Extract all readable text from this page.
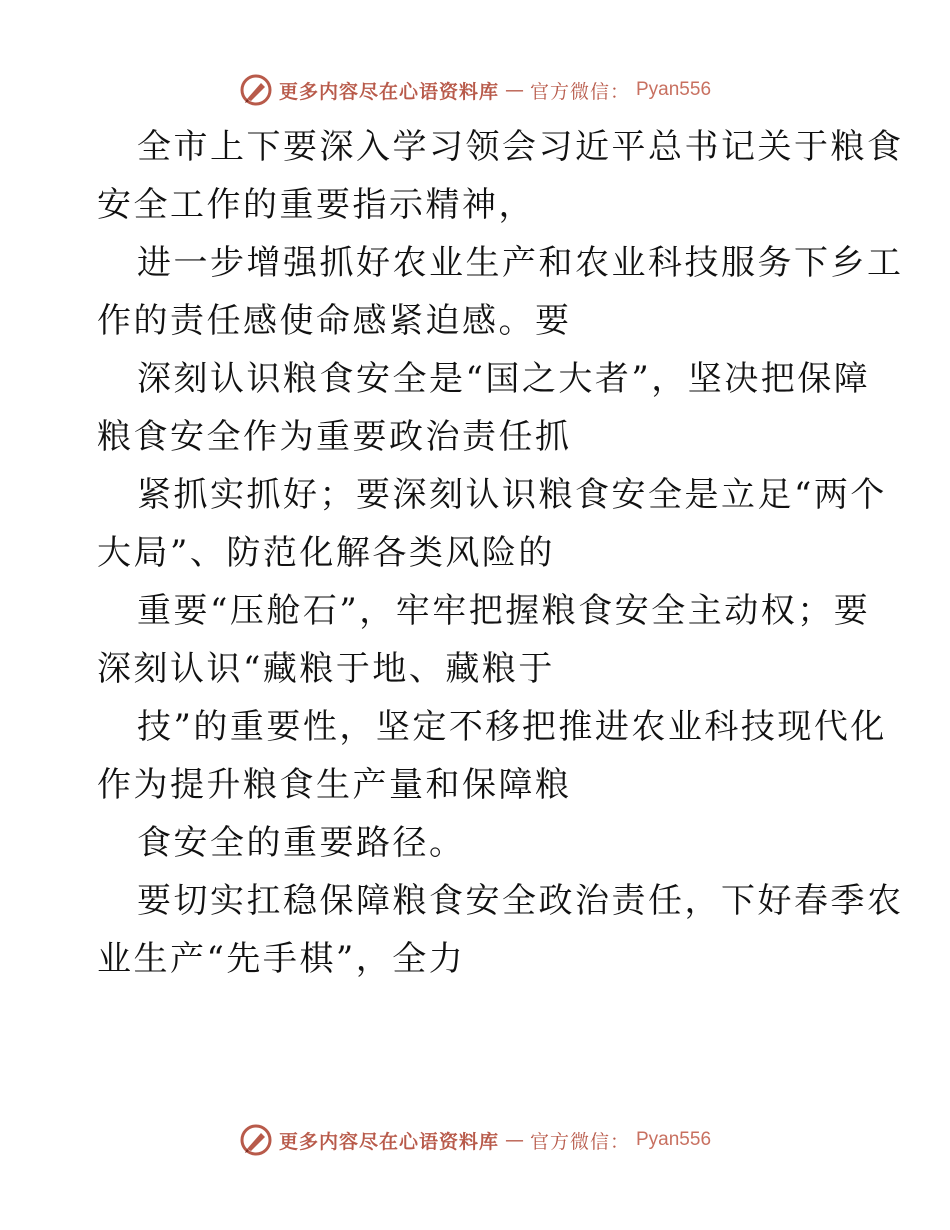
更多内容尽在心语资料库 — 官方微信： Pyan556

全市上下要深入学习领会习近平总书记关于粮食
安全工作的重要指示精神，

进一步增强抓好农业生产和农业科技服务下乡工
作的责任感使命感紧迫感。要

深刻认识粮食安全是“国之大者”，坚决把保障
粮食安全作为重要政治责任抓

紧抓实抓好；要深刻认识粮食安全是立足“两个
大局”、防范化解各类风险的

重要“压舱石”，牢牢把握粮食安全主动权；要
深刻认识“藏粮于地、藏粮于

技”的重要性，坚定不移把推进农业科技现代化
作为提升粮食生产量和保障粮

食安全的重要路径。

要切实扛稳保障粮食安全政治责任，下好春季农
业生产“先手棋”，全力

更多内容尽在心语资料库 — 官方微信： Pyan556
